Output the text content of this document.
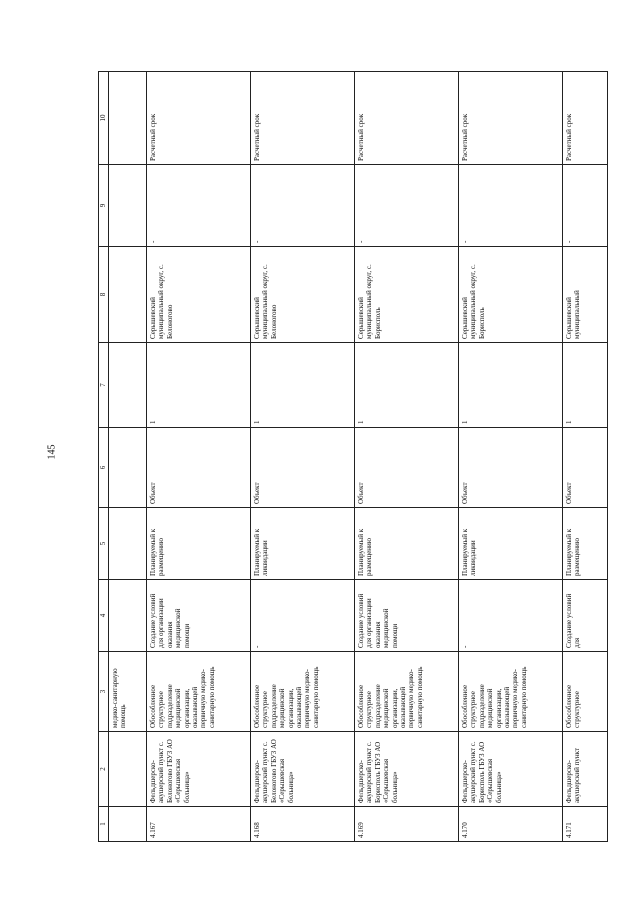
145
1	2	3	4	5	6	7	8	9	10
		медико-санитарную помощь							
4.167	Фельдшерско-акушерский пункт с. Белоногово ГБУЗ АО «Серышевская больница»	Обособленное структурное подразделение медицинской организации, оказывающей первичную медико-санитарную помощь	Создание условий для организации оказания медицинской помощи	Планируемый к размещению	Объект	1	Серышевский муниципальный округ, с. Белоногово	-	Расчетный срок
4.168	Фельдшерско-акушерский пункт с. Белоногово ГБУЗ АО «Серышевская больница»	Обособленное структурное подразделение медицинской организации, оказывающей первичную медико-санитарную помощь	-	Планируемый к ликвидации	Объект	1	Серышевский муниципальный округ, с. Белоногово	-	Расчетный срок
4.169	Фельдшерско-акушерский пункт с. Борисполь ГБУЗ АО «Серышевская больница»	Обособленное структурное подразделение медицинской организации, оказывающей первичную медико-санитарную помощь	Создание условий для организации оказания медицинской помощи	Планируемый к размещению	Объект	1	Серышевский муниципальный округ, с. Борисполь	-	Расчетный срок
4.170	Фельдшерско-акушерский пункт с. Борисполь ГБУЗ АО «Серышевская больница»	Обособленное структурное подразделение медицинской организации, оказывающей первичную медико-санитарную помощь	-	Планируемый к ликвидации	Объект	1	Серышевский муниципальный округ, с. Борисполь	-	Расчетный срок
4.171	Фельдшерско-акушерский пункт	Обособленное структурное	Создание условий для	Планируемый к размещению	Объект	1	Серышевский муниципальный	-	Расчетный срок
